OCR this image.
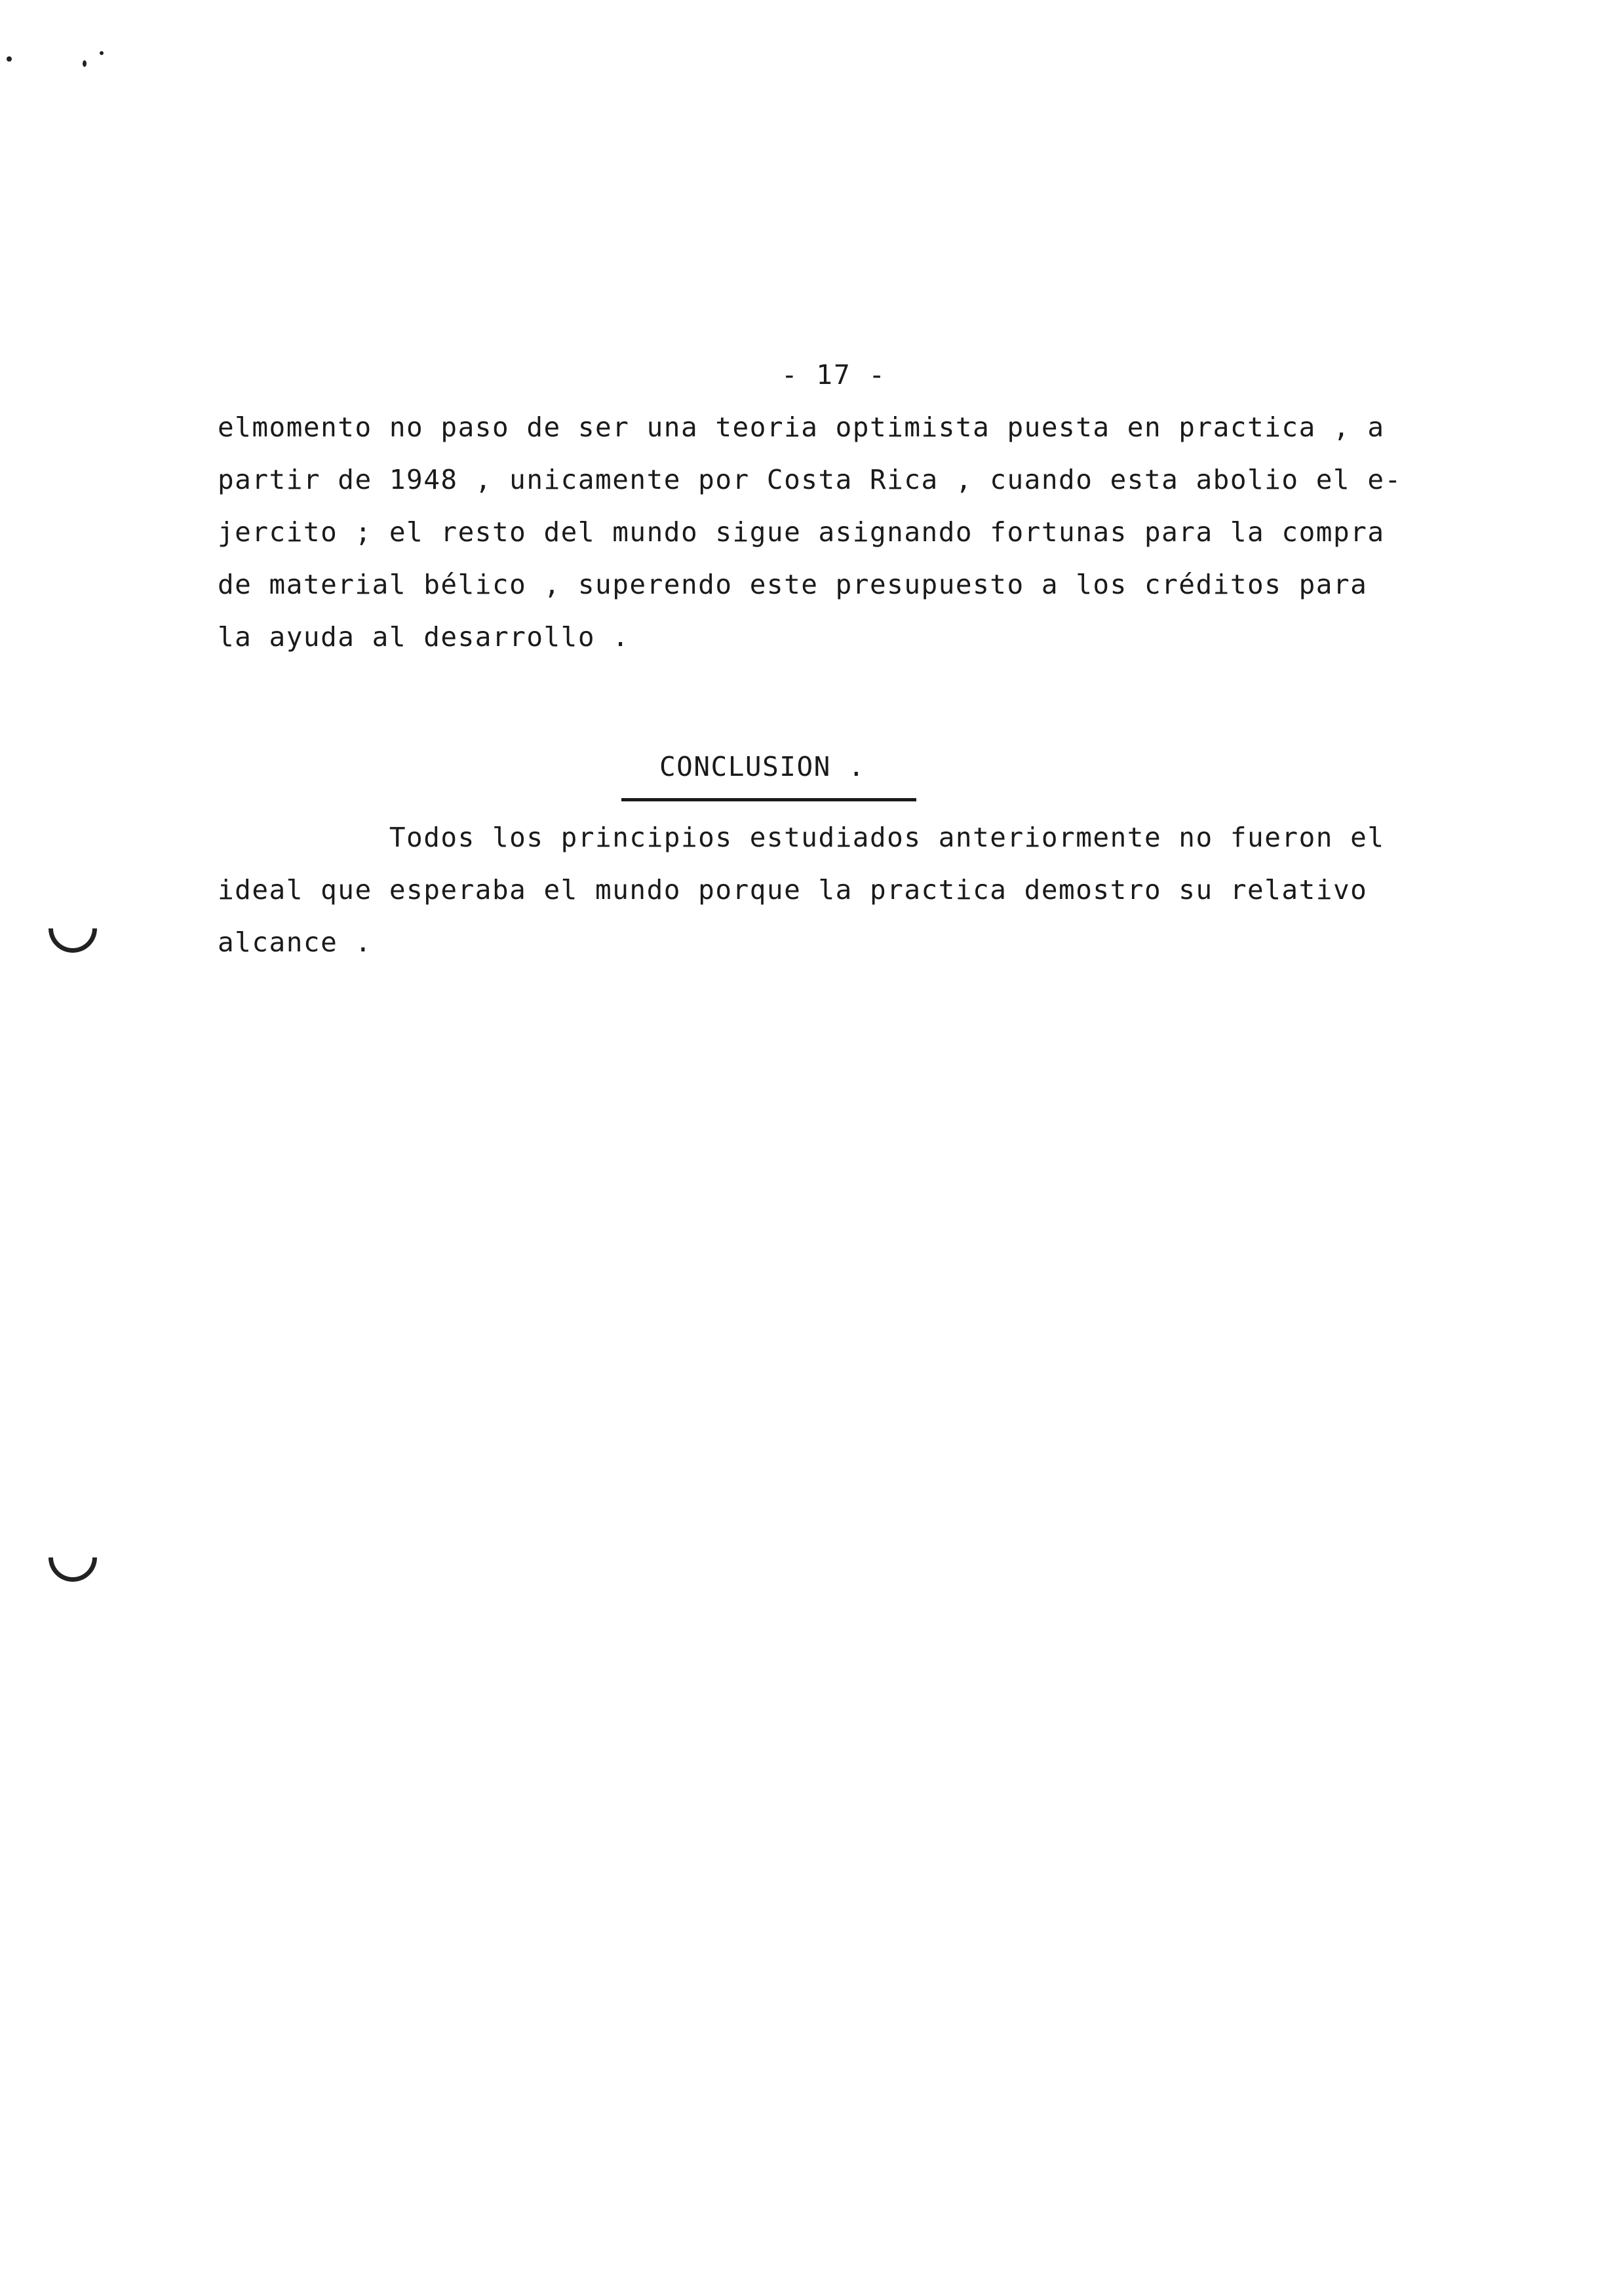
- 17 -
elmomento no paso de ser una teoria optimista puesta en practica , a
partir de 1948 , unicamente por Costa Rica , cuando esta abolio el e-
jercito ; el resto del mundo sigue asignando fortunas para la compra
de material bélico , superendo este presupuesto a los créditos para
la ayuda al desarrollo .
CONCLUSION .
Todos los principios estudiados anteriormente no fueron el
ideal que esperaba el mundo porque la practica demostro su relativo
alcance .
